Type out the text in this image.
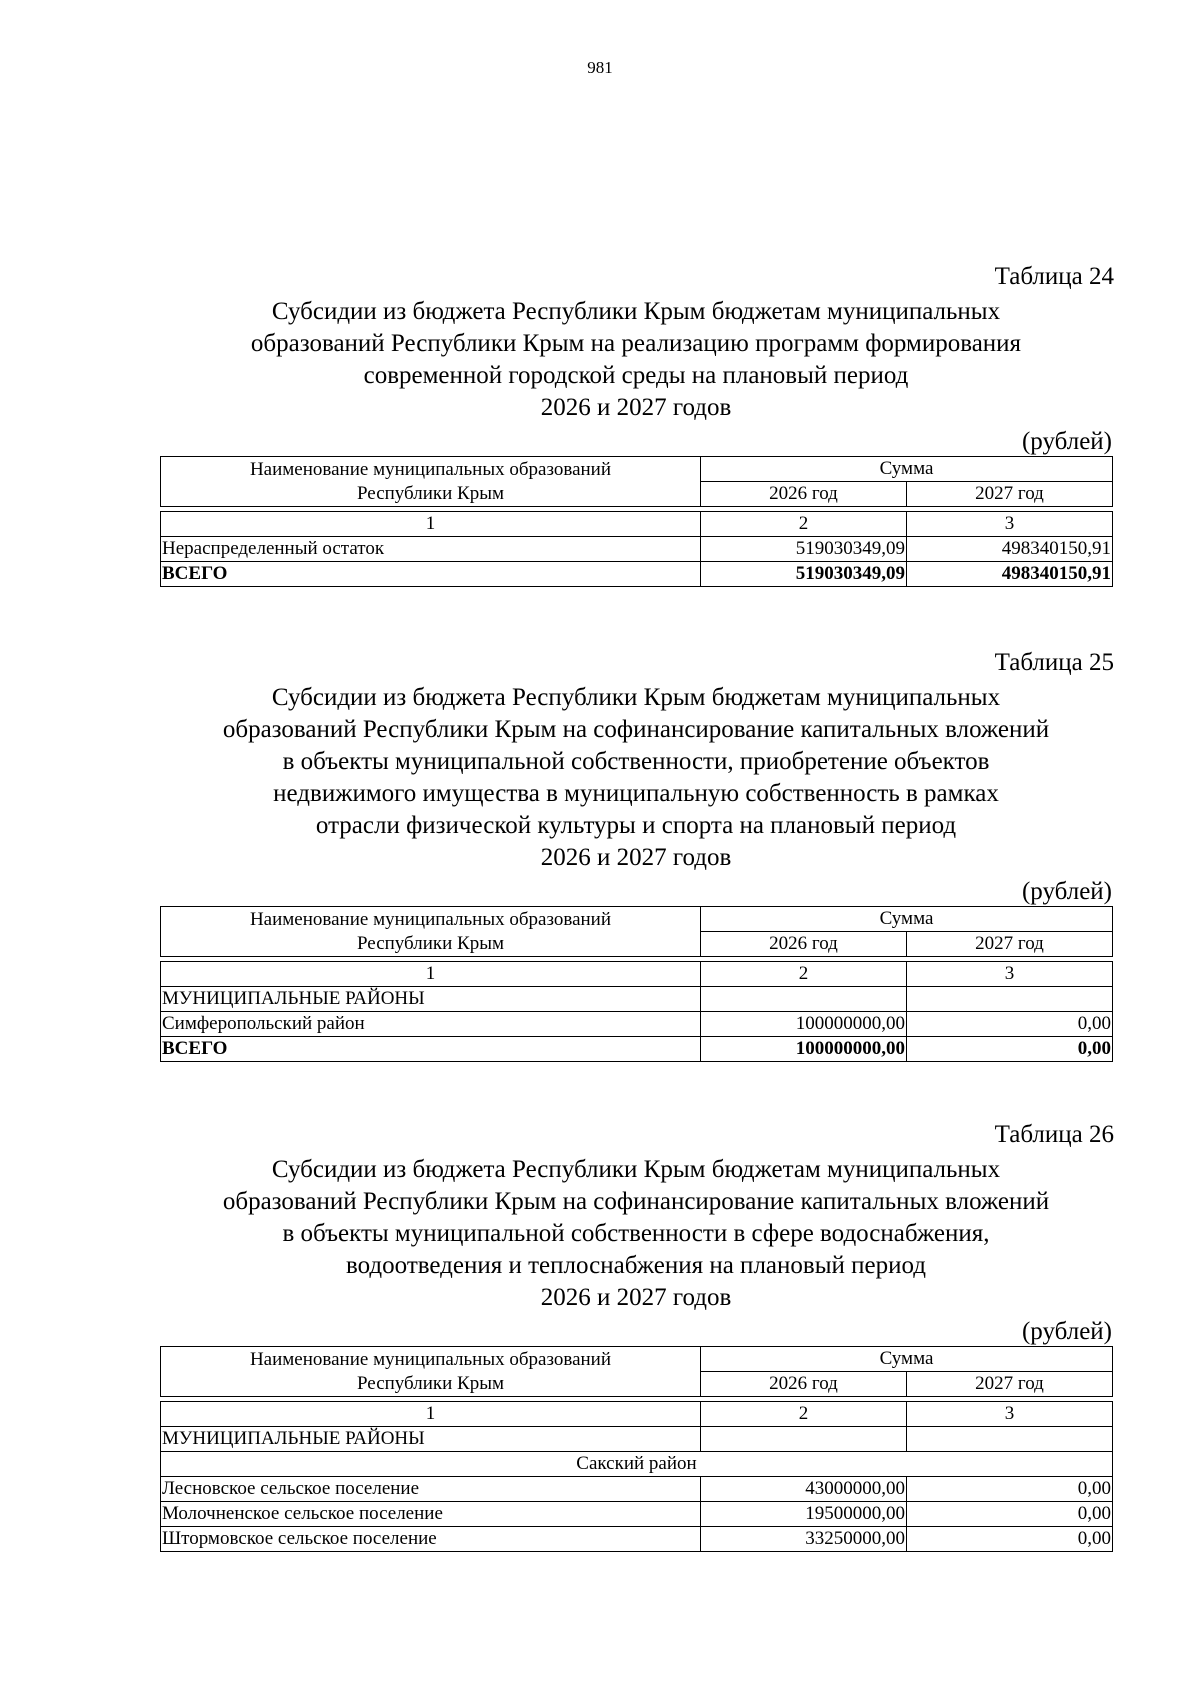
981
Таблица 24
Субсидии из бюджета Республики Крым бюджетам муниципальных
образований Республики Крым на реализацию программ формирования
современной городской среды на плановый период
2026 и 2027 годов
(рублей)
Наименование муниципальных образований
Республики Крым	Сумма	
	2026 год	2027 год

1	2	3
Нераспределенный остаток	519030349,09	498340150,91
ВСЕГО	519030349,09	498340150,91
Таблица 25
Субсидии из бюджета Республики Крым бюджетам муниципальных
образований Республики Крым на софинансирование капитальных вложений
в объекты муниципальной собственности, приобретение объектов
недвижимого имущества в муниципальную собственность в рамках
отрасли физической культуры и спорта на плановый период
2026 и 2027 годов
(рублей)
Наименование муниципальных образований
Республики Крым	Сумма	
	2026 год	2027 год

1	2	3
МУНИЦИПАЛЬНЫЕ РАЙОНЫ		
Симферопольский район	100000000,00	0,00
ВСЕГО	100000000,00	0,00
Таблица 26
Субсидии из бюджета Республики Крым бюджетам муниципальных
образований Республики Крым на софинансирование капитальных вложений
в объекты муниципальной собственности в сфере водоснабжения,
водоотведения и теплоснабжения на плановый период
2026 и 2027 годов
(рублей)
Наименование муниципальных образований
Республики Крым	Сумма	
	2026 год	2027 год

1	2	3
МУНИЦИПАЛЬНЫЕ РАЙОНЫ		
Сакский район		
Лесновское сельское поселение	43000000,00	0,00
Молочненское сельское поселение	19500000,00	0,00
Штормовское сельское поселение	33250000,00	0,00
